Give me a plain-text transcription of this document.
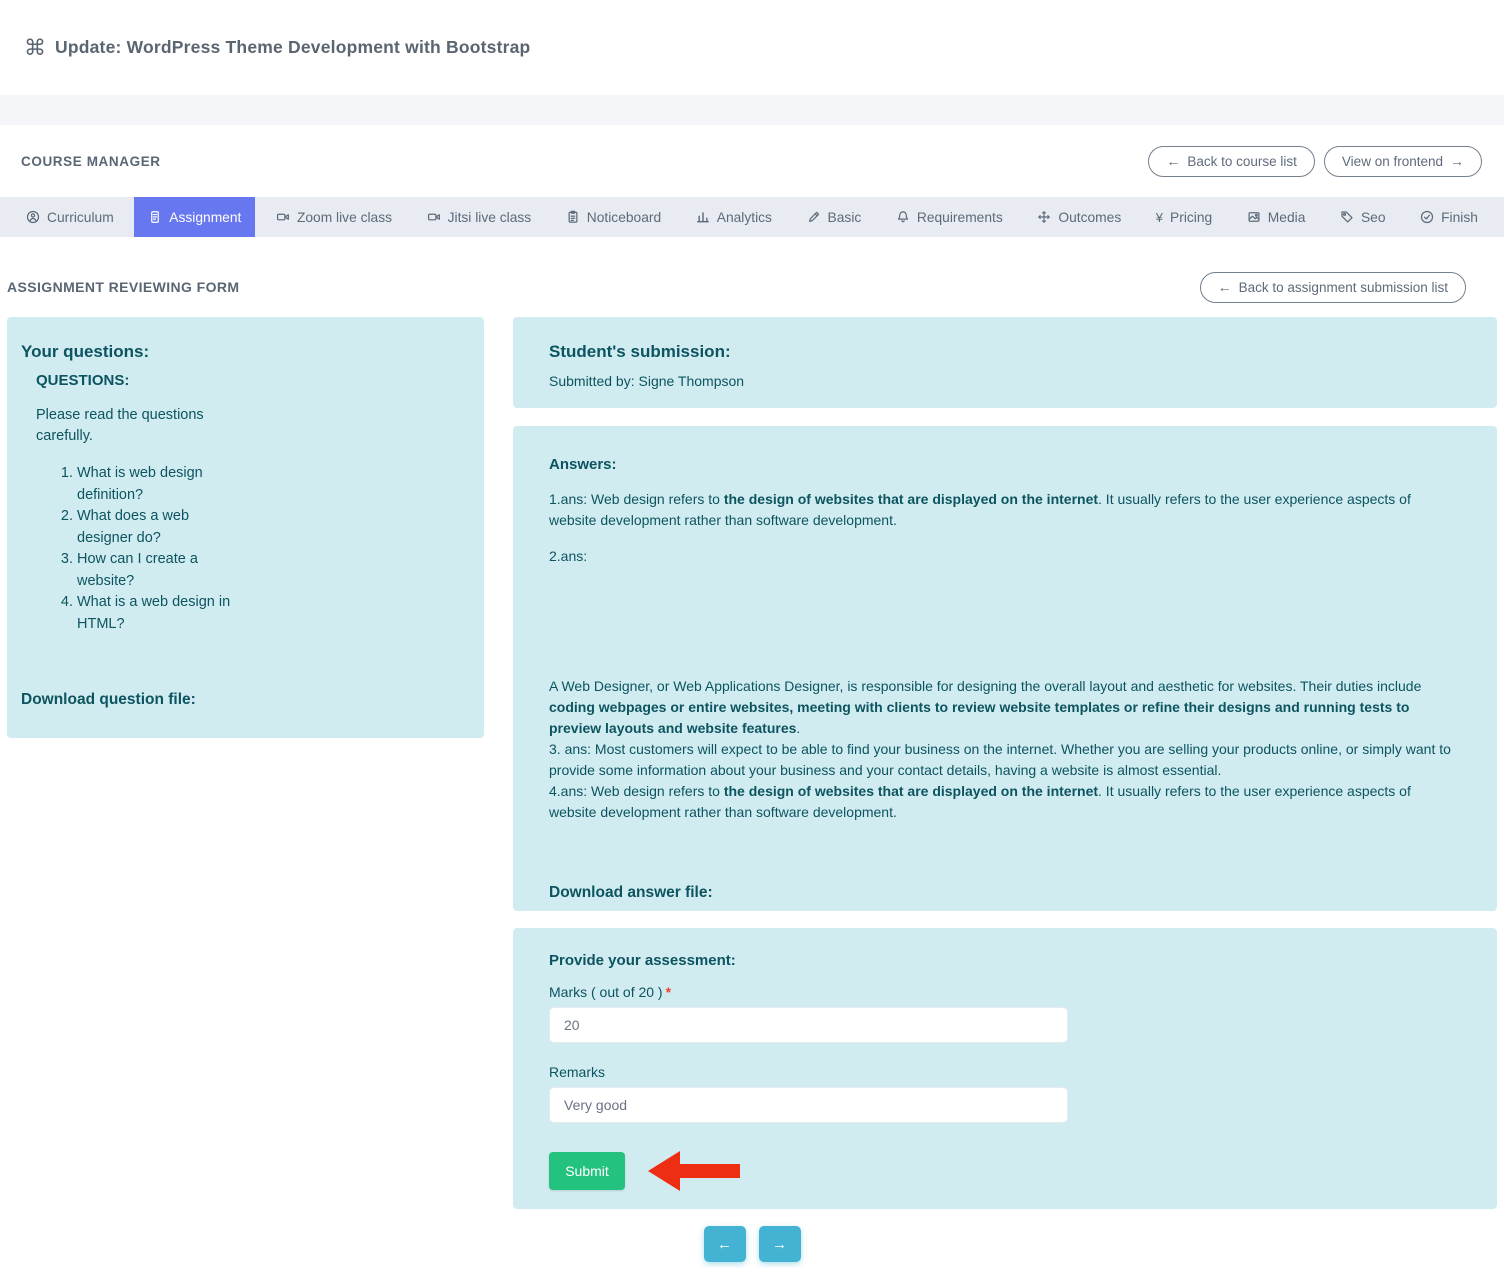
⌘ Update: WordPress Theme Development with Bootstrap
COURSE MANAGER	← Back to course list	View on frontend →
Curriculum	Assignment	Zoom live class	Jitsi live class	Noticeboard	Analytics	Basic	Requirements	Outcomes	¥ Pricing	Media	Seo	Finish
ASSIGNMENT REVIEWING FORM	← Back to assignment submission list
Your questions:
QUESTIONS:
Please read the questions carefully.
1. What is web design definition?
2. What does a web designer do?
3. How can I create a website?
4. What is a web design in HTML?
Download question file:
Student's submission:
Submitted by: Signe Thompson
Answers:

1.ans: Web design refers to the design of websites that are displayed on the internet. It usually refers to the user experience aspects of website development rather than software development.

2.ans:

A Web Designer, or Web Applications Designer, is responsible for designing the overall layout and aesthetic for websites. Their duties include coding webpages or entire websites, meeting with clients to review website templates or refine their designs and running tests to preview layouts and website features.
3. ans: Most customers will expect to be able to find your business on the internet. Whether you are selling your products online, or simply want to provide some information about your business and your contact details, having a website is almost essential.
4.ans: Web design refers to the design of websites that are displayed on the internet. It usually refers to the user experience aspects of website development rather than software development.
Download answer file:
Provide your assessment:
Marks ( out of 20 ) *
20
Remarks
Very good
Submit
←	→
